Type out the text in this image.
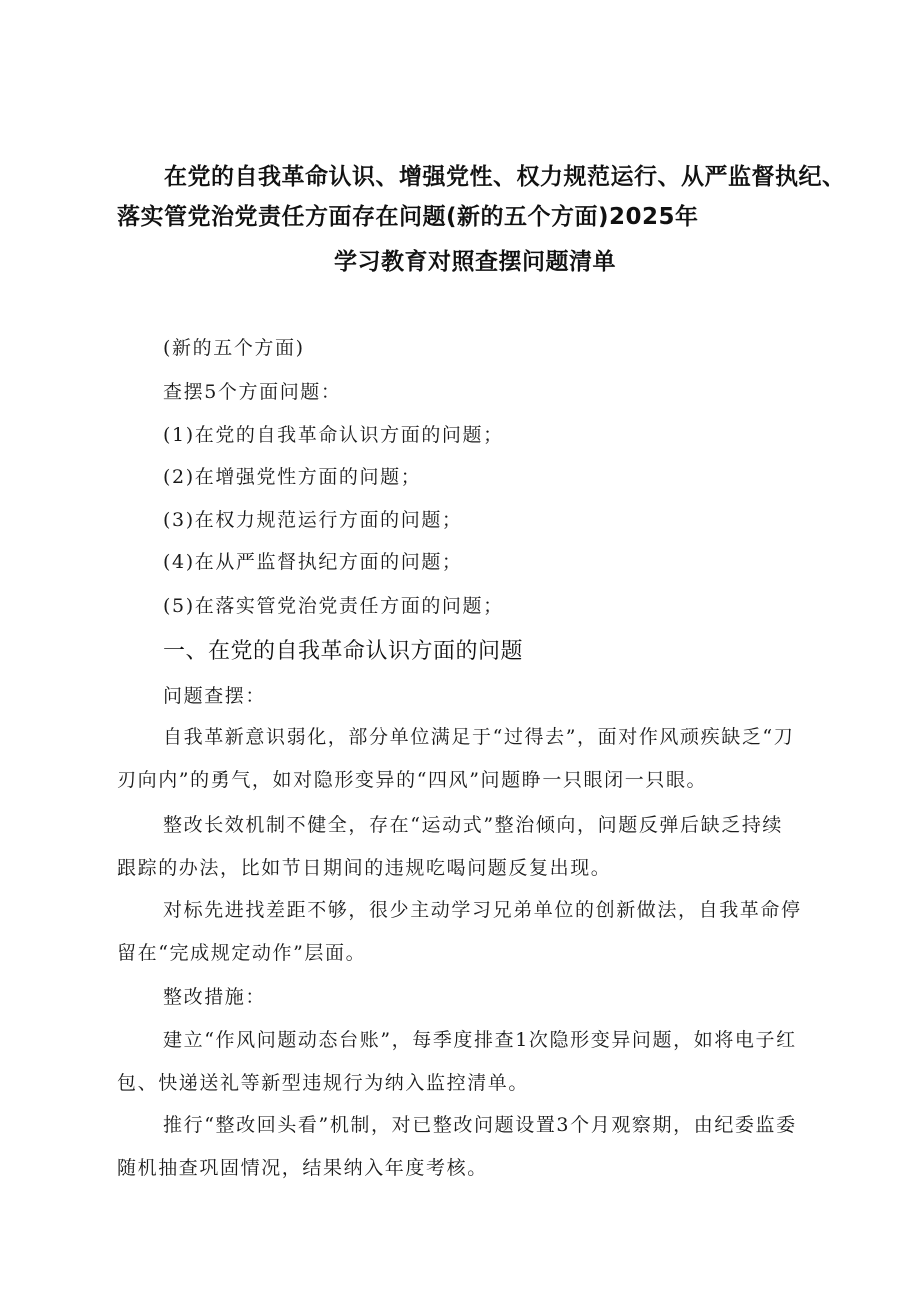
在党的自我革命认识、增强党性、权力规范运行、从严监督执纪、
落实管党治党责任方面存在问题(新的五个方面)2025年
学习教育对照查摆问题清单
(新的五个方面)
查摆5个方面问题：
(1)在党的自我革命认识方面的问题；
(2)在增强党性方面的问题；
(3)在权力规范运行方面的问题；
(4)在从严监督执纪方面的问题；
(5)在落实管党治党责任方面的问题；
一、在党的自我革命认识方面的问题
问题查摆：
自我革新意识弱化，部分单位满足于“过得去”，面对作风顽疾缺乏“刀
刃向内”的勇气，如对隐形变异的“四风”问题睁一只眼闭一只眼。
整改长效机制不健全，存在“运动式”整治倾向，问题反弹后缺乏持续
跟踪的办法，比如节日期间的违规吃喝问题反复出现。
对标先进找差距不够，很少主动学习兄弟单位的创新做法，自我革命停
留在“完成规定动作”层面。
整改措施：
建立“作风问题动态台账”，每季度排查1次隐形变异问题，如将电子红
包、快递送礼等新型违规行为纳入监控清单。
推行“整改回头看”机制，对已整改问题设置3个月观察期，由纪委监委
随机抽查巩固情况，结果纳入年度考核。
